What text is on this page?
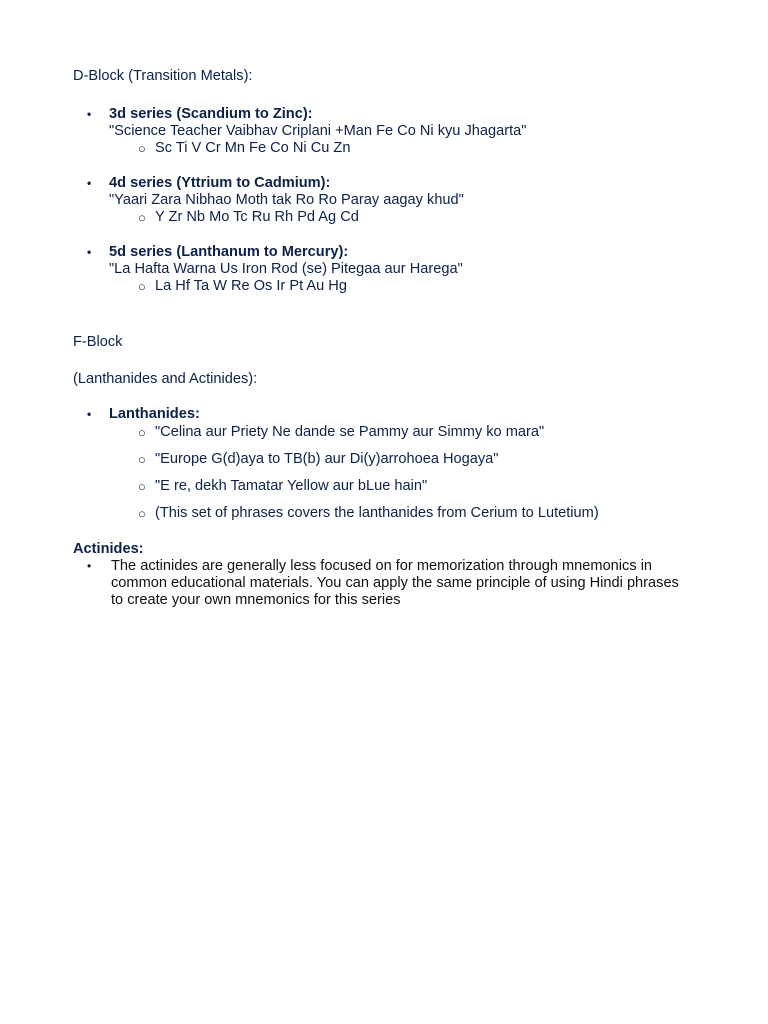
D-Block (Transition Metals):
• 3d series (Scandium to Zinc):
"Science Teacher Vaibhav Criplani +Man Fe Co Ni kyu Jhagarta"
○ Sc Ti V Cr Mn Fe Co Ni Cu Zn
• 4d series (Yttrium to Cadmium):
"Yaari Zara Nibhao Moth tak Ro Ro Paray aagay khud"
○ Y Zr Nb Mo Tc Ru Rh Pd Ag Cd
• 5d series (Lanthanum to Mercury):
"La Hafta Warna Us Iron Rod (se) Pitegaa aur Harega"
○ La Hf Ta W Re Os Ir Pt Au Hg
F-Block
(Lanthanides and Actinides):
• Lanthanides:
○ "Celina aur Priety Ne dande se Pammy aur Simmy ko mara"
○ "Europe G(d)aya to TB(b) aur Di(y)arrohoea Hogaya"
○ "E re, dekh Tamatar Yellow aur bLue hain"
○ (This set of phrases covers the lanthanides from Cerium to Lutetium)
Actinides:
• The actinides are generally less focused on for memorization through mnemonics in common educational materials. You can apply the same principle of using Hindi phrases to create your own mnemonics for this series
